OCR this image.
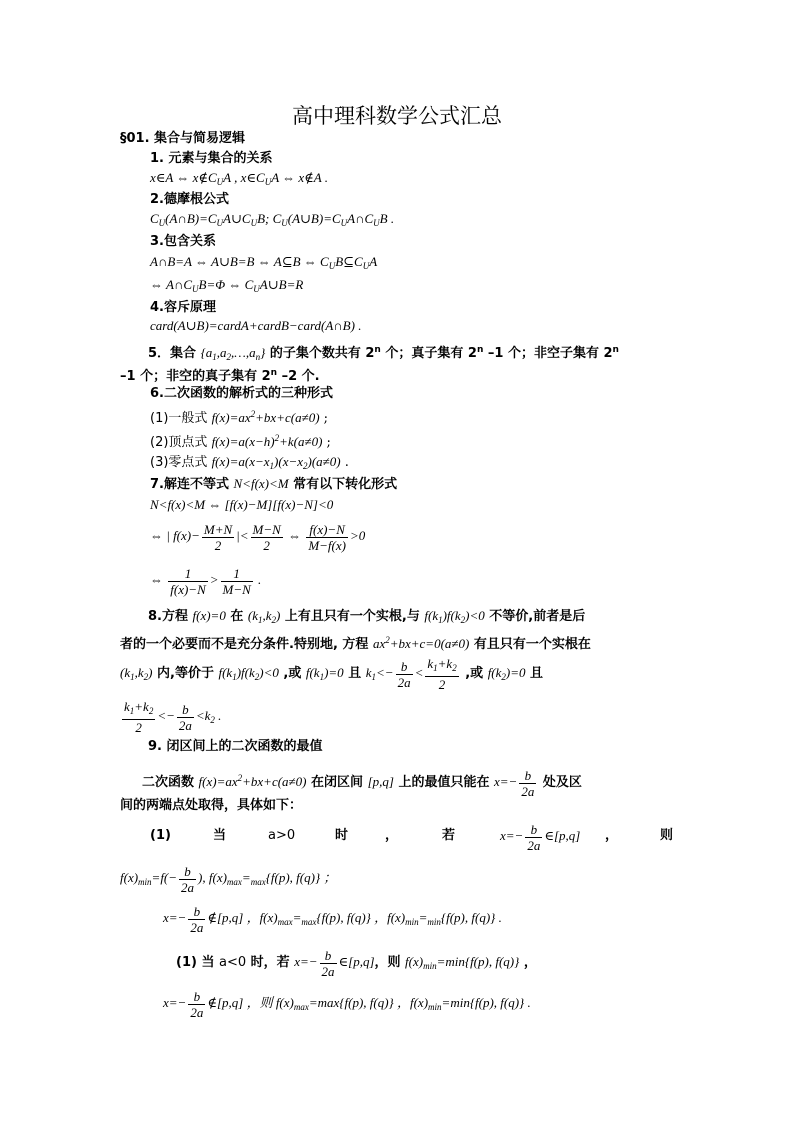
高中理科数学公式汇总
§01. 集合与简易逻辑
1. 元素与集合的关系
x∈A ⇔ $x\notin C_UA$ , $x\in C_UA$ ⇔ x∉A .
2.德摩根公式
$C_U(A\cap B)=C_UA\cup C_UB$; $C_U(A\cup B)=C_UA\cap C_UB$ .
3.包含关系
A∩B=A ⇔ A∪B=B ⇔ A⊆B ⇔ $C_UB⊆C_UA$
⇔ $A\cap C_UB=\Phi$ ⇔ $C_UA\cup B=R$
4.容斥原理
card(A∪B)=cardA+cardB−card(A∩B) .
5．集合 $\{a_1,a_2,\dots,a_n\}$ 的子集个数共有 2$^n$ 个；真子集有 2$^n$ –1 个；非空子集有 2$^n$
–1 个；非空的真子集有 2$^n$ –2 个.
6.二次函数的解析式的三种形式
(1)一般式 $f(x)=ax^2+bx+c(a\ne 0)$ ;
(2)顶点式 $f(x)=a(x-h)^2+k(a\ne 0)$ ;
(3)零点式 $f(x)=a(x-x_1)(x-x_2)(a\ne 0)$ .
7.解连不等式 N<f(x)<M 常有以下转化形式
N<f(x)<M ⇔ [f(x)−M][f(x)−N]<0
⇔ | $f(x)- \frac{M+N}{2}$ |< $\frac{M-N}{2}$ ⇔ $\frac{f(x)-N}{M-f(x)} >0$
⇔ $\frac{1}{f(x)-N} > \frac{1}{M-N}$ .
8.方程 f(x)=0 在 $(k_1,k_2)$ 上有且只有一个实根,与 $f(k_1)f(k_2)<0$ 不等价,前者是后
者的一个必要而不是充分条件.特别地, 方程 $ax^2+bx+c=0(a\ne 0)$ 有且只有一个实根在
$(k_1,k_2)$ 内,等价于 $f(k_1)f(k_2)<0$ ,或 $f(k_1)=0$ 且 $k_1<- \frac{b}{2a} < \frac{k_1+k_2}{2}$ ,或 $f(k_2)=0$ 且
$\frac{k_1+k_2}{2} <- \frac{b}{2a} <k_2$ .
9. 闭区间上的二次函数的最值
二次函数 $f(x)=ax^2+bx+c(a\ne 0)$ 在闭区间 [p,q] 上的最值只能在 $x=- \frac{b}{2a}$ 处及区
间的两端点处取得，具体如下：
(1)	当	a>0	时	，	若	$x=- \frac{b}{2a}$ ∈[p,q] ，	则
$f(x)_{min}=f(- \frac{b}{2a}$ ), $f(x)_{max}=_{max}\{f(p)$, f(q)} ；
$x=- \frac{b}{2a}$ ∉[p,q] ，$f(x)_{max}=_{max}\{f(p)$, f(q)} ，$f(x)_{min}=_{min}\{f(p)$, f(q)} .
(1) 当 a<0 时，若 $x=- \frac{b}{2a}$ ∈[p,q]，则 $f(x)_{min}=\min\{f(p)$, f(q)} ，
$x=- \frac{b}{2a}$ ∉[p,q] ，则 $f(x)_{max}=\max\{f(p)$, f(q)} ，$f(x)_{min}=\min\{f(p)$, f(q)} .
